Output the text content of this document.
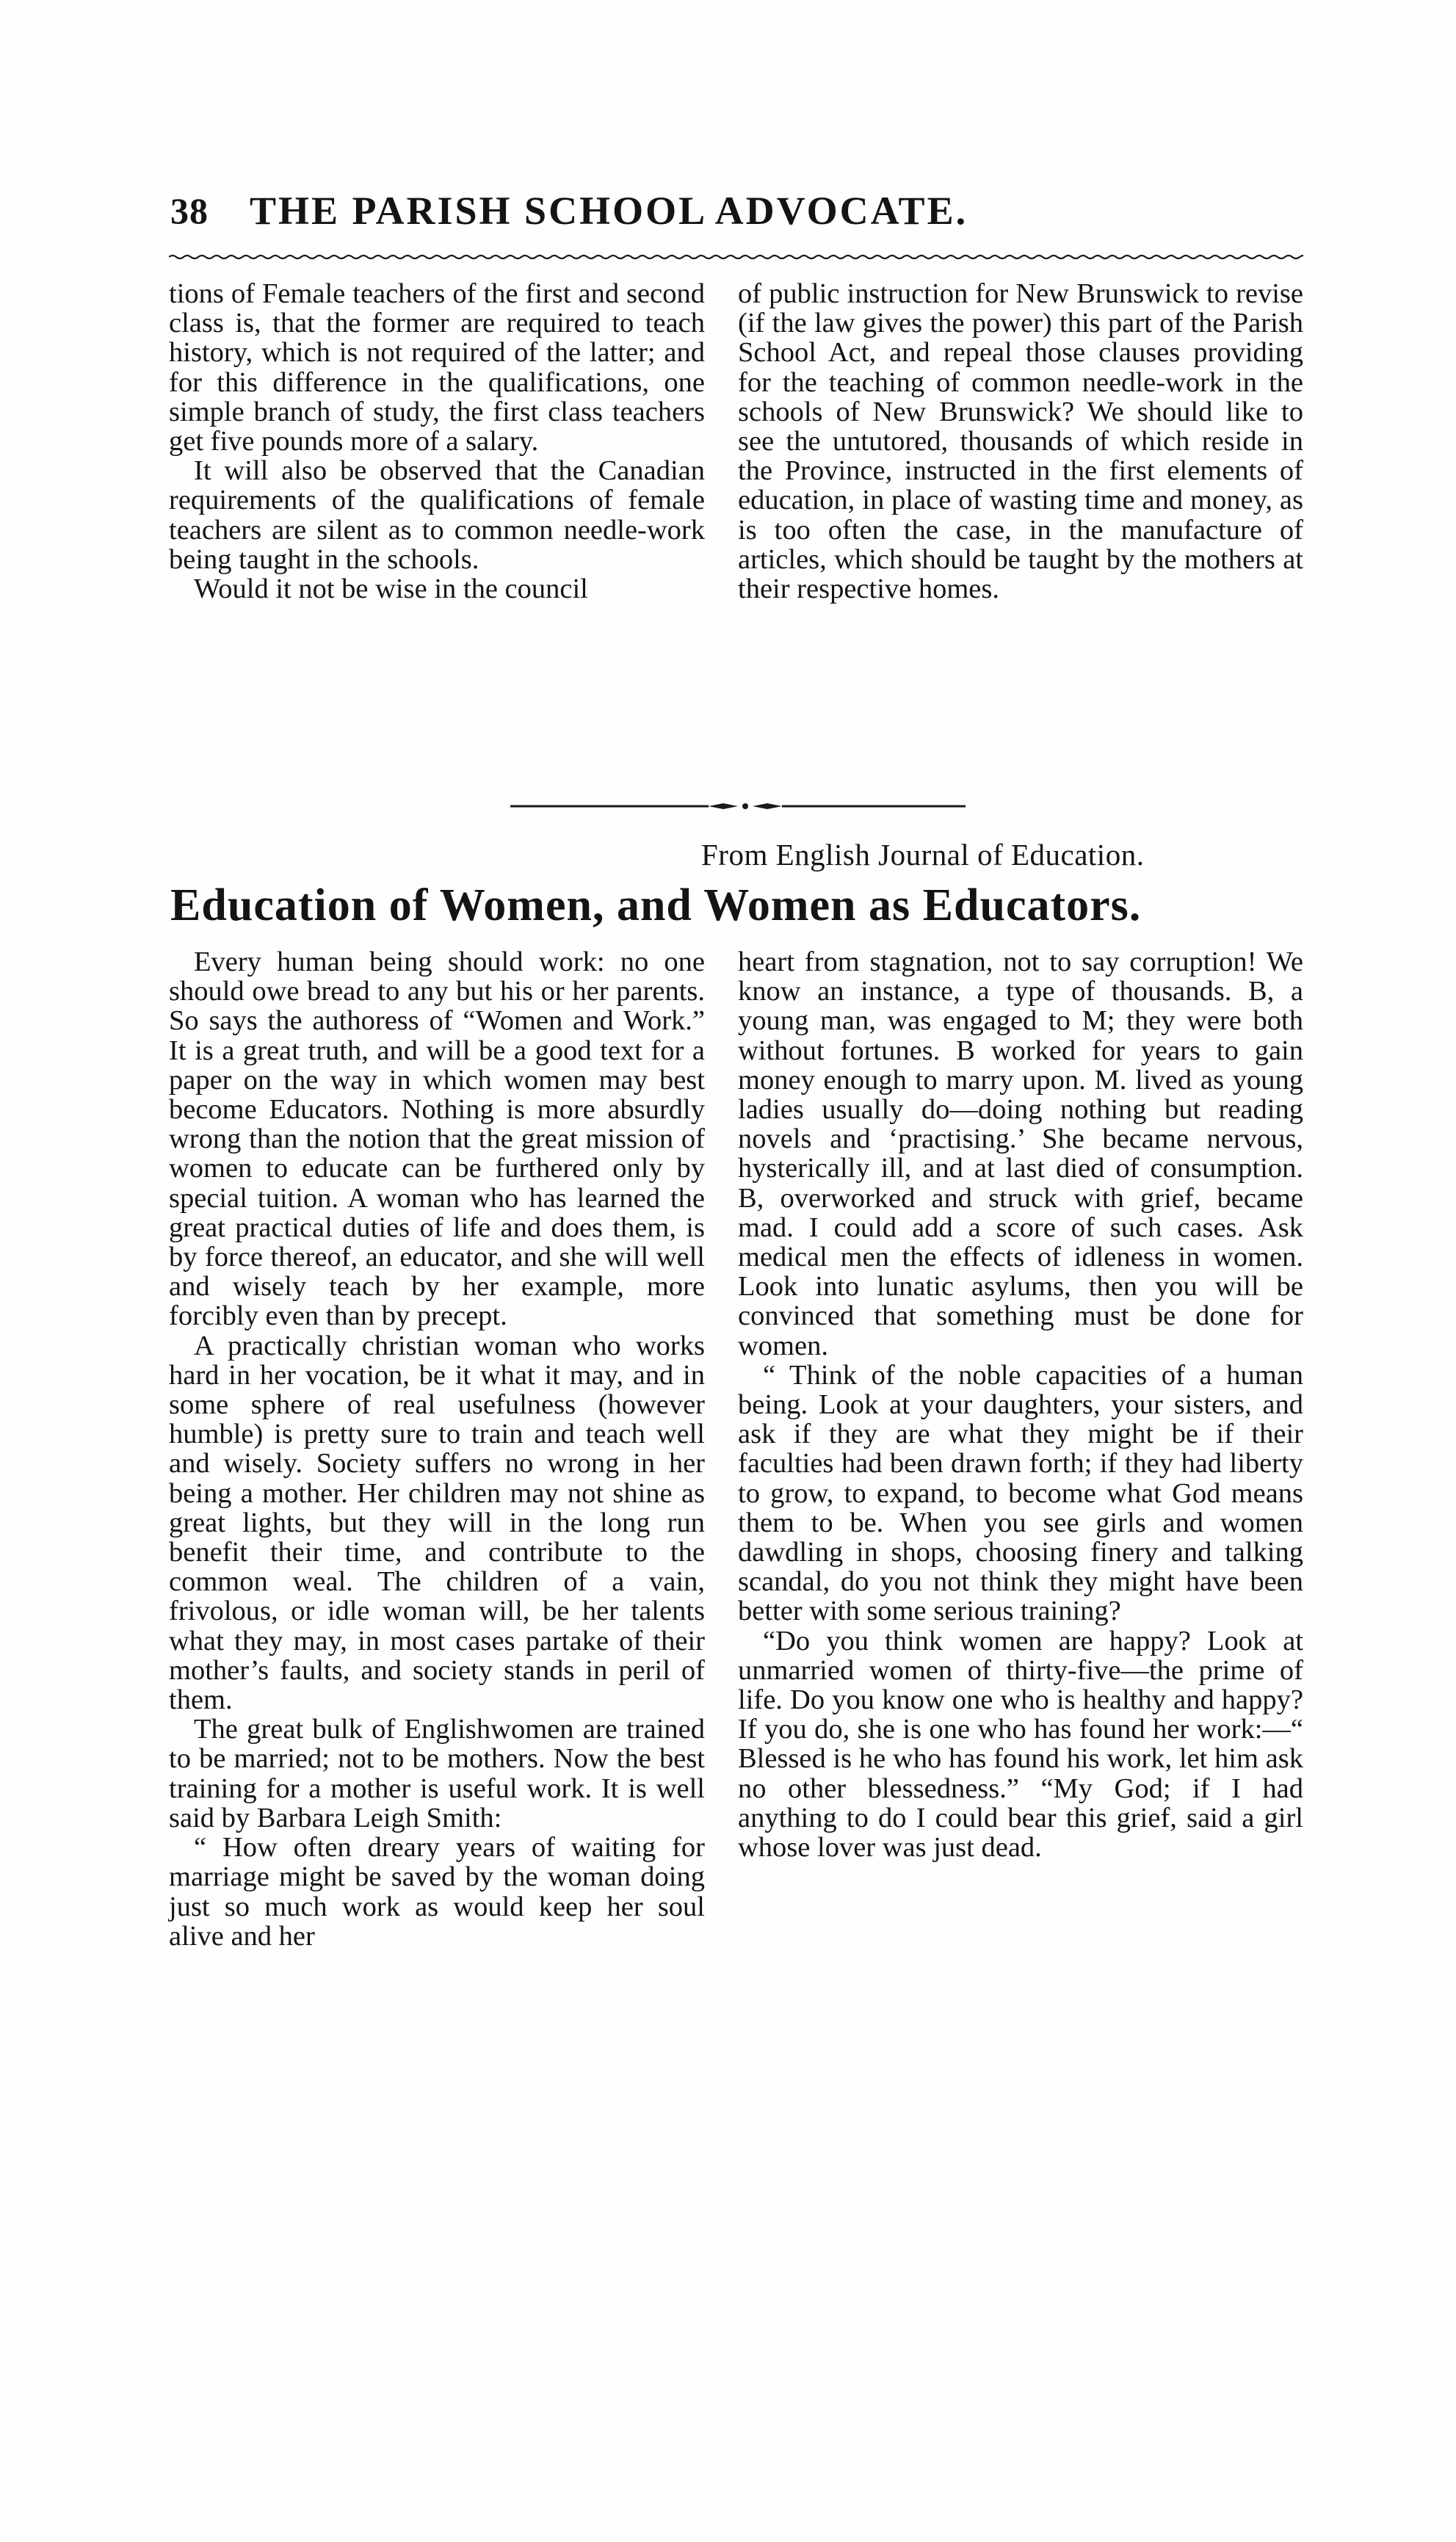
38 THE PARISH SCHOOL ADVOCATE.

tions of Female teachers of the first and second class is, that the former are required to teach history, which is not required of the latter; and for this difference in the qualifications, one simple branch of study, the first class teachers get five pounds more of a salary.

It will also be observed that the Canadian requirements of the qualifications of female teachers are silent as to common needle-work being taught in the schools.

Would it not be wise in the council

of public instruction for New Brunswick to revise (if the law gives the power) this part of the Parish School Act, and repeal those clauses providing for the teaching of common needle-work in the schools of New Brunswick? We should like to see the untutored, thousands of which reside in the Province, instructed in the first elements of education, in place of wasting time and money, as is too often the case, in the manufacture of articles, which should be taught by the mothers at their respective homes.

From English Journal of Education.
Education of Women, and Women as Educators.

Every human being should work: no one should owe bread to any but his or her parents. So says the authoress of “Women and Work.” It is a great truth, and will be a good text for a paper on the way in which women may best become Educators. Nothing is more absurdly wrong than the notion that the great mission of women to educate can be furthered only by special tuition. A woman who has learned the great practical duties of life and does them, is by force thereof, an educator, and she will well and wisely teach by her example, more forcibly even than by precept.

A practically christian woman who works hard in her vocation, be it what it may, and in some sphere of real usefulness (however humble) is pretty sure to train and teach well and wisely. Society suffers no wrong in her being a mother. Her children may not shine as great lights, but they will in the long run benefit their time, and contribute to the common weal. The children of a vain, frivolous, or idle woman will, be her talents what they may, in most cases partake of their mother’s faults, and society stands in peril of them.

The great bulk of Englishwomen are trained to be married; not to be mothers. Now the best training for a mother is useful work. It is well said by Barbara Leigh Smith:

“ How often dreary years of waiting for marriage might be saved by the woman doing just so much work as would keep her soul alive and her

heart from stagnation, not to say corruption! We know an instance, a type of thousands. B, a young man, was engaged to M; they were both without fortunes. B worked for years to gain money enough to marry upon. M. lived as young ladies usually do—doing nothing but reading novels and ‘practising.’ She became nervous, hysterically ill, and at last died of consumption. B, overworked and struck with grief, became mad. I could add a score of such cases. Ask medical men the effects of idleness in women. Look into lunatic asylums, then you will be convinced that something must be done for women.

“ Think of the noble capacities of a human being. Look at your daughters, your sisters, and ask if they are what they might be if their faculties had been drawn forth; if they had liberty to grow, to expand, to become what God means them to be. When you see girls and women dawdling in shops, choosing finery and talking scandal, do you not think they might have been better with some serious training?

“Do you think women are happy? Look at unmarried women of thirty-five—the prime of life. Do you know one who is healthy and happy? If you do, she is one who has found her work:—“ Blessed is he who has found his work, let him ask no other blessedness.” “My God; if I had anything to do I could bear this grief, said a girl whose lover was just dead.
